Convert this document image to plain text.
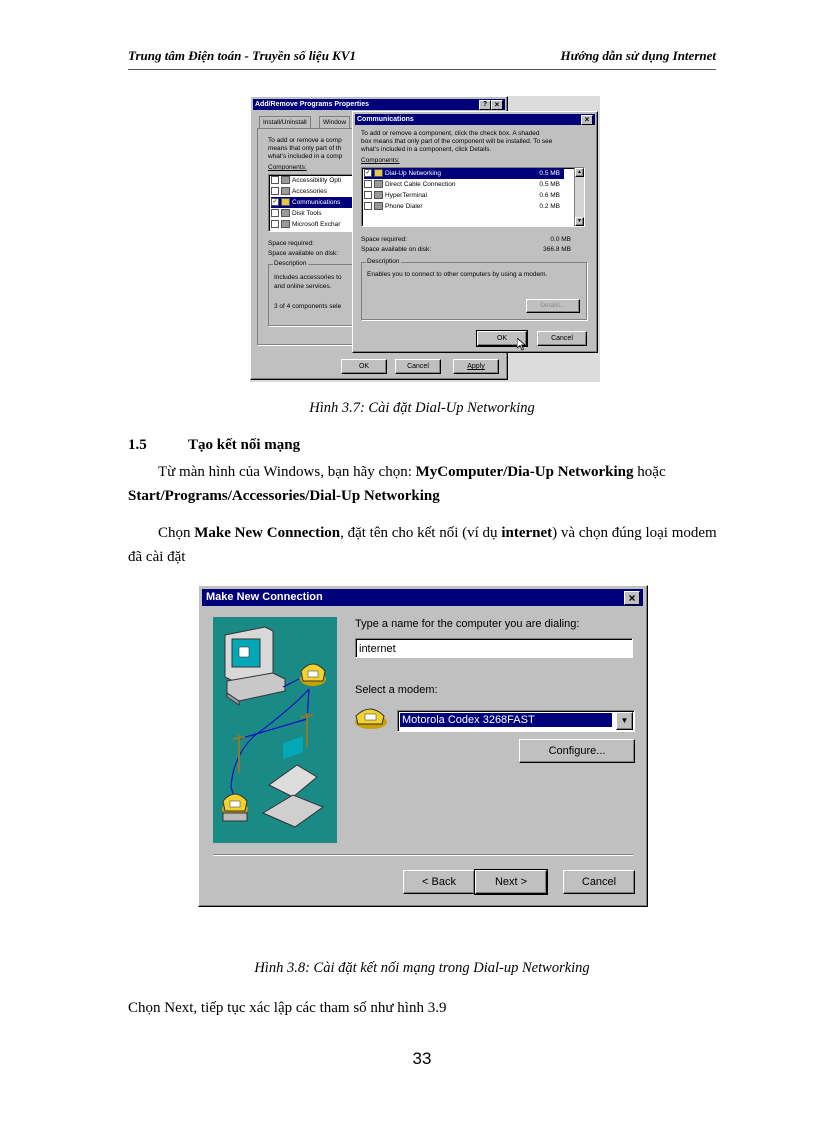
Trung tâm Điện toán - Truyền số liệu KV1	Hướng dẫn sử dụng Internet
Add/Remove Programs Properties	? ×
Install/Uninstall	Window
To add or remove a comp
means that only part of th
what's included in a comp
Components:
Accessibility Opti
Accessories
✓ Communications
Disk Tools
Microsoft Exchar
Space required:
Space available on disk:
Description
Includes accessories to
and online services.
3 of 4 components sele
OK	Cancel	Apply
Communications	×
To add or remove a component, click the check box. A shaded
box means that only part of the component will be installed. To see
what's included in a component, click Details.
Components:
✓ Dial-Up Networking	0.5 MB
Direct Cable Connection	0.5 MB
HyperTerminal	0.6 MB
Phone Dialer	0.2 MB
▲
▼
Space required:	0.0 MB
Space available on disk:	366.8 MB
Description
Enables you to connect to other computers by using a modem.
Details...
OK	Cancel
Hình 3.7: Cài đặt Dial-Up Networking
1.5	Tạo kết nối mạng
Từ màn hình của Windows, bạn hãy chọn: MyComputer/Dia-Up Networking hoặc Start/Programs/Accessories/Dial-Up Networking
Chọn Make New Connection, đặt tên cho kết nối (ví dụ internet) và chọn đúng loại modem đã cài đặt
Make New Connection	×
Type a name for the computer you are dialing:
internet
Select a modem:
Motorola Codex 3268FAST	▼
Configure...
< Back	Next >	Cancel
Hình 3.8: Cài đặt kết nối mạng trong Dial-up Networking
Chọn Next, tiếp tục xác lập các tham số như hình 3.9
33
